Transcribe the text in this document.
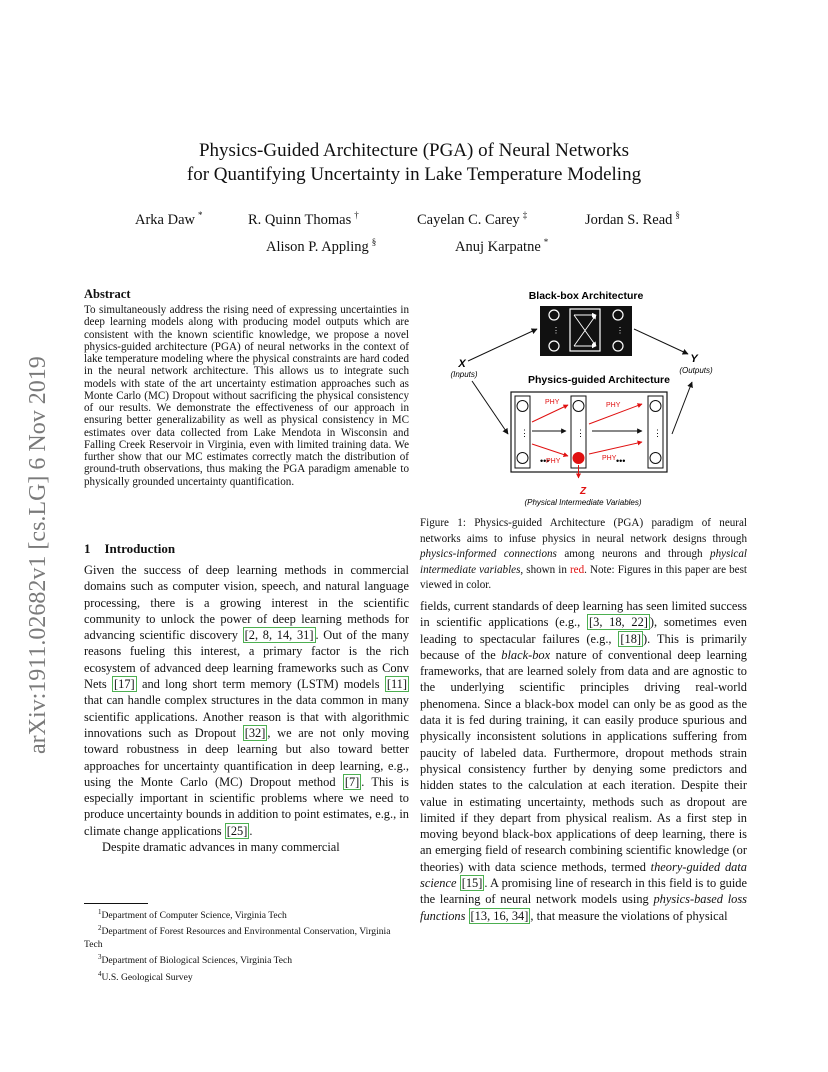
arXiv:1911.02682v1 [cs.LG] 6 Nov 2019
Physics-Guided Architecture (PGA) of Neural Networks
for Quantifying Uncertainty in Lake Temperature Modeling
Arka Daw *	R. Quinn Thomas †	Cayelan C. Carey ‡	Jordan S. Read §
Alison P. Appling §	Anuj Karpatne *
Abstract
To simultaneously address the rising need of expressing uncertainties in deep learning models along with producing model outputs which are consistent with the known scientific knowledge, we propose a novel physics-guided architecture (PGA) of neural networks in the context of lake temperature modeling where the physical constraints are hard coded in the neural network architecture. This allows us to integrate such models with state of the art uncertainty estimation approaches such as Monte Carlo (MC) Dropout without sacrificing the physical consistency of our results. We demonstrate the effectiveness of our approach in ensuring better generalizability as well as physical consistency in MC estimates over data collected from Lake Mendota in Wisconsin and Falling Creek Reservoir in Virginia, even with limited training data. We further show that our MC estimates correctly match the distribution of ground-truth observations, thus making the PGA paradigm amenable to physically grounded uncertainty quantification.
1 Introduction

Given the success of deep learning methods in commercial domains such as computer vision, speech, and natural language processing, there is a growing interest in the scientific community to unlock the power of deep learning methods for advancing scientific discovery [2, 8, 14, 31] . Out of the many reasons fueling this interest, a primary factor is the rich ecosystem of advanced deep learning frameworks such as Conv Nets [17] and long short term memory (LSTM) models [11] that can handle complex structures in the data common in many scientific applications. Another reason is that with algorithmic innovations such as Dropout [32] , we are not only moving toward robustness in deep learning but also toward better approaches for uncertainty quantification in deep learning, e.g., using the Monte Carlo (MC) Dropout method [7] . This is especially important in scientific problems where we need to produce uncertainty bounds in addition to point estimates, e.g., in climate change applications [25] .

Despite dramatic advances in many commercial

$^1$Department of Computer Science, Virginia Tech
$^2$Department of Forest Resources and Environmental Conservation, Virginia Tech
$^3$Department of Biological Sciences, Virginia Tech
$^4$U.S. Geological Survey
Black-box Architecture
⋮	⋮
X
(Inputs)
Y
(Outputs)
Physics-guided Architecture
⋮	⋮	⋮
•••	•••
PHY	PHY
PHY	PHY
Z
(Physical Intermediate Variables)
Figure 1: Physics-guided Architecture (PGA) paradigm of neural networks aims to infuse physics in neural network designs through physics-informed connections among neurons and through physical intermediate variables, shown in red. Note: Figures in this paper are best viewed in color.

fields, current standards of deep learning has seen limited success in scientific applications (e.g., [3, 18, 22] ), sometimes even leading to spectacular failures (e.g., [18] ). This is primarily because of the black-box nature of conventional deep learning frameworks, that are learned solely from data and are agnostic to the underlying scientific principles driving real-world phenomena. Since a black-box model can only be as good as the data it is fed during training, it can easily produce spurious and physically inconsistent solutions in applications suffering from paucity of labeled data. Furthermore, dropout methods strain physical consistency further by denying some predictors and hidden states to the calculation at each iteration. Despite their value in estimating uncertainty, methods such as dropout are limited if they depart from physical realism. As a first step in moving beyond black-box applications of deep learning, there is an emerging field of research combining scientific knowledge (or theories) with data science methods, termed theory-guided data science [15] . A promising line of research in this field is to guide the learning of neural network models using physics-based loss functions [13, 16, 34] , that measure the violations of physical
